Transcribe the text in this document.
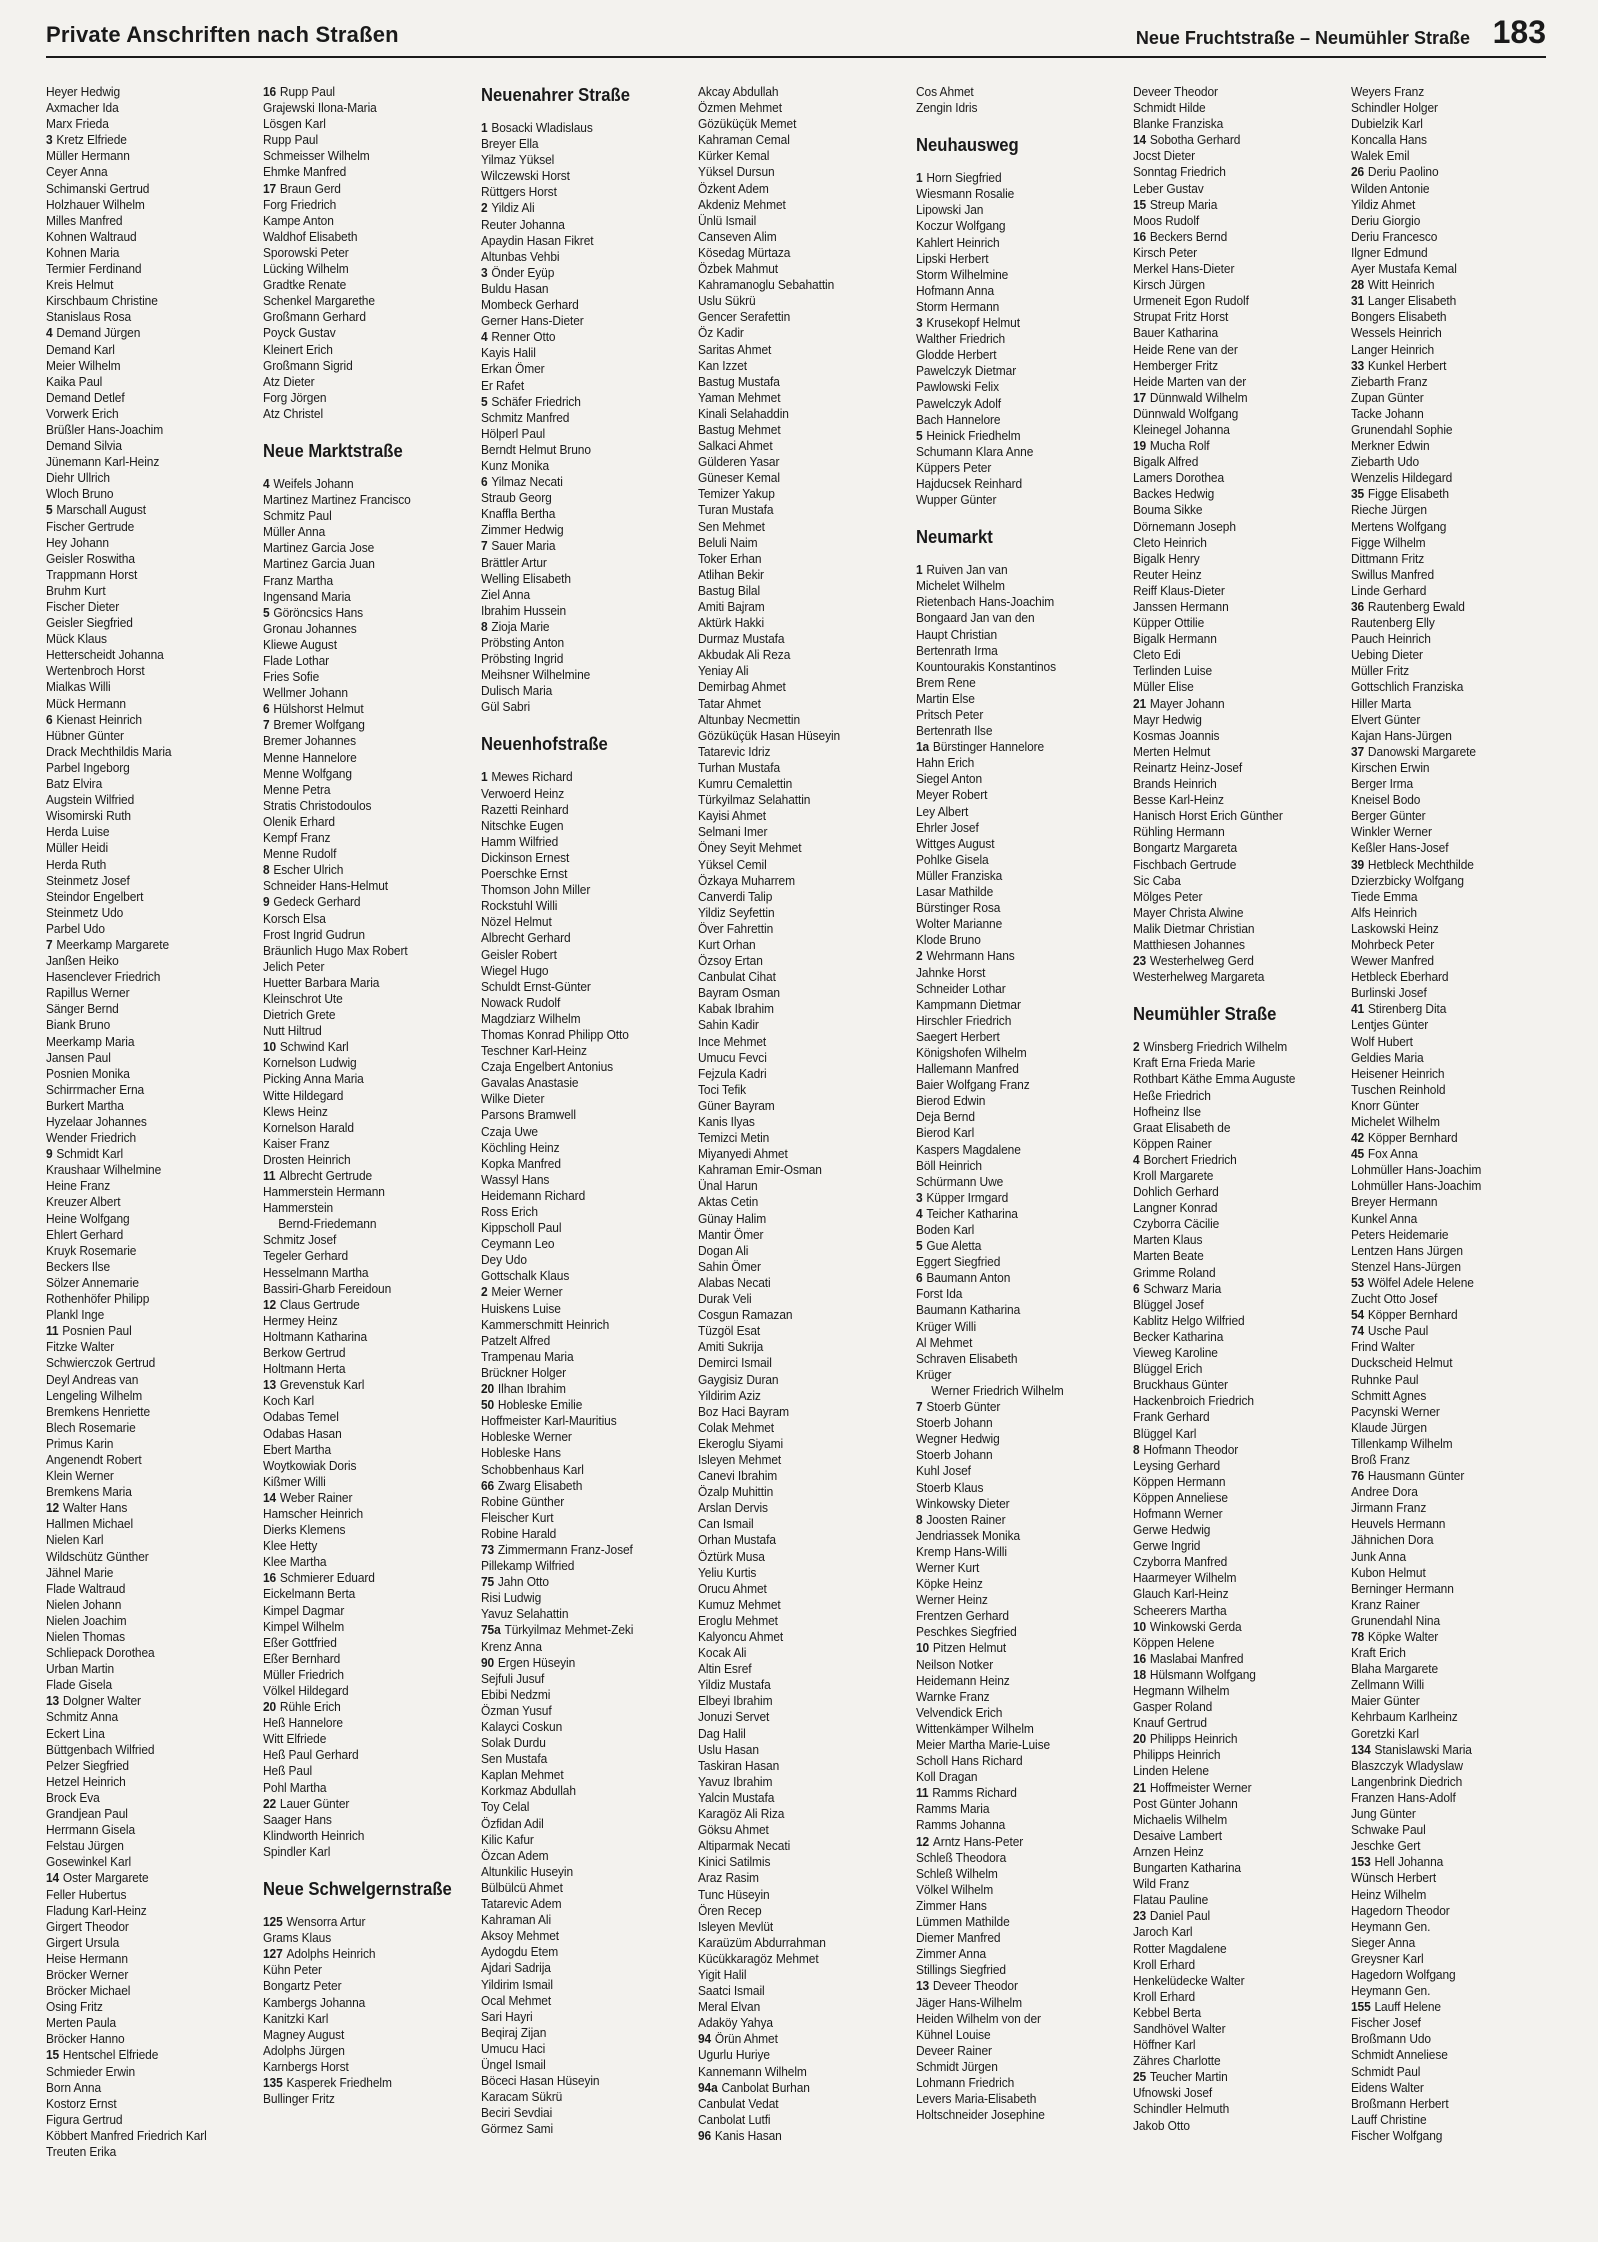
Private Anschriften nach Straßen	Neue Fruchtstraße – Neumühler Straße 183
Heyer Hedwig
Axmacher Ida
Marx Frieda
3 Kretz Elfriede
Müller Hermann
Ceyer Anna
Schimanski Gertrud
Holzhauer Wilhelm
Milles Manfred
Kohnen Waltraud
Kohnen Maria
Termier Ferdinand
Kreis Helmut
Kirschbaum Christine
Stanislaus Rosa
4 Demand Jürgen
Demand Karl
Meier Wilhelm
Kaika Paul
Demand Detlef
Vorwerk Erich
Brüßler Hans-Joachim
Demand Silvia
Jünemann Karl-Heinz
Diehr Ullrich
Wloch Bruno
5 Marschall August
Fischer Gertrude
Hey Johann
Geisler Roswitha
Trappmann Horst
Bruhm Kurt
Fischer Dieter
Geisler Siegfried
Mück Klaus
Hetterscheidt Johanna
Wertenbroch Horst
Mialkas Willi
Mück Hermann
6 Kienast Heinrich
Hübner Günter
Drack Mechthildis Maria
Parbel Ingeborg
Batz Elvira
Augstein Wilfried
Wisomirski Ruth
Herda Luise
Müller Heidi
Herda Ruth
Steinmetz Josef
Steindor Engelbert
Steinmetz Udo
Parbel Udo
7 Meerkamp Margarete
Janßen Heiko
Hasenclever Friedrich
Rapillus Werner
Sänger Bernd
Biank Bruno
Meerkamp Maria
Jansen Paul
Posnien Monika
Schirrmacher Erna
Burkert Martha
Hyzelaar Johannes
Wender Friedrich
9 Schmidt Karl
Kraushaar Wilhelmine
Heine Franz
Kreuzer Albert
Heine Wolfgang
Ehlert Gerhard
Kruyk Rosemarie
Beckers Ilse
Sölzer Annemarie
Rothenhöfer Philipp
Plankl Inge
11 Posnien Paul
Fitzke Walter
Schwierczok Gertrud
Deyl Andreas van
Lengeling Wilhelm
Bremkens Henriette
Blech Rosemarie
Primus Karin
Angenendt Robert
Klein Werner
Bremkens Maria
12 Walter Hans
Hallmen Michael
Nielen Karl
Wildschütz Günther
Jähnel Marie
Flade Waltraud
Nielen Johann
Nielen Joachim
Nielen Thomas
Schliepack Dorothea
Urban Martin
Flade Gisela
13 Dolgner Walter
Schmitz Anna
Eckert Lina
Büttgenbach Wilfried
Pelzer Siegfried
Hetzel Heinrich
Brock Eva
Grandjean Paul
Herrmann Gisela
Felstau Jürgen
Gosewinkel Karl
14 Oster Margarete
Feller Hubertus
Fladung Karl-Heinz
Girgert Theodor
Girgert Ursula
Heise Hermann
Bröcker Werner
Bröcker Michael
Osing Fritz
Merten Paula
Bröcker Hanno
15 Hentschel Elfriede
Schmieder Erwin
Born Anna
Kostorz Ernst
Figura Gertrud
Köbbert Manfred Friedrich Karl
Treuten Erika
16 Rupp Paul
Grajewski Ilona-Maria
Lösgen Karl
Rupp Paul
Schmeisser Wilhelm
Ehmke Manfred
17 Braun Gerd
Forg Friedrich
Kampe Anton
Waldhof Elisabeth
Sporowski Peter
Lücking Wilhelm
Gradtke Renate
Schenkel Margarethe
Großmann Gerhard
Poyck Gustav
Kleinert Erich
Großmann Sigrid
Atz Dieter
Forg Jörgen
Atz Christel
Neue Marktstraße
4 Weifels Johann
Martinez Martinez Francisco
Schmitz Paul
Müller Anna
Martinez Garcia Jose
Martinez Garcia Juan
Franz Martha
Ingensand Maria
5 Göröncsics Hans
Gronau Johannes
Kliewe August
Flade Lothar
Fries Sofie
Wellmer Johann
6 Hülshorst Helmut
7 Bremer Wolfgang
Bremer Johannes
Menne Hannelore
Menne Wolfgang
Menne Petra
Stratis Christodoulos
Olenik Erhard
Kempf Franz
Menne Rudolf
8 Escher Ulrich
Schneider Hans-Helmut
9 Gedeck Gerhard
Korsch Elsa
Frost Ingrid Gudrun
Bräunlich Hugo Max Robert
Jelich Peter
Huetter Barbara Maria
Kleinschrot Ute
Dietrich Grete
Nutt Hiltrud
10 Schwind Karl
Kornelson Ludwig
Picking Anna Maria
Witte Hildegard
Klews Heinz
Kornelson Harald
Kaiser Franz
Drosten Heinrich
11 Albrecht Gertrude
Hammerstein Hermann
Hammerstein
Bernd-Friedemann
Schmitz Josef
Tegeler Gerhard
Hesselmann Martha
Bassiri-Gharb Fereidoun
12 Claus Gertrude
Hermey Heinz
Holtmann Katharina
Berkow Gertrud
Holtmann Herta
13 Grevenstuk Karl
Koch Karl
Odabas Temel
Odabas Hasan
Ebert Martha
Woytkowiak Doris
Kißmer Willi
14 Weber Rainer
Hamscher Heinrich
Dierks Klemens
Klee Hetty
Klee Martha
16 Schmierer Eduard
Eickelmann Berta
Kimpel Dagmar
Kimpel Wilhelm
Eßer Gottfried
Eßer Bernhard
Müller Friedrich
Völkel Hildegard
20 Rühle Erich
Heß Hannelore
Witt Elfriede
Heß Paul Gerhard
Heß Paul
Pohl Martha
22 Lauer Günter
Saager Hans
Klindworth Heinrich
Spindler Karl
Neue Schwelgernstraße
125 Wensorra Artur
Grams Klaus
127 Adolphs Heinrich
Kühn Peter
Bongartz Peter
Kambergs Johanna
Kanitzki Karl
Magney August
Adolphs Jürgen
Karnbergs Horst
135 Kasperek Friedhelm
Bullinger Fritz
Neuenahrer Straße
1 Bosacki Wladislaus
Breyer Ella
Yilmaz Yüksel
Wilczewski Horst
Rüttgers Horst
2 Yildiz Ali
Reuter Johanna
Apaydin Hasan Fikret
Altunbas Vehbi
3 Önder Eyüp
Buldu Hasan
Mombeck Gerhard
Gerner Hans-Dieter
4 Renner Otto
Kayis Halil
Erkan Ömer
Er Rafet
5 Schäfer Friedrich
Schmitz Manfred
Hölperl Paul
Berndt Helmut Bruno
Kunz Monika
6 Yilmaz Necati
Straub Georg
Knaffla Bertha
Zimmer Hedwig
7 Sauer Maria
Brättler Artur
Welling Elisabeth
Ziel Anna
Ibrahim Hussein
8 Zioja Marie
Pröbsting Anton
Pröbsting Ingrid
Meihsner Wilhelmine
Dulisch Maria
Gül Sabri
Neuenhofstraße
1 Mewes Richard
Verwoerd Heinz
Razetti Reinhard
Nitschke Eugen
Hamm Wilfried
Dickinson Ernest
Poerschke Ernst
Thomson John Miller
Rockstuhl Willi
Nözel Helmut
Albrecht Gerhard
Geisler Robert
Wiegel Hugo
Schuldt Ernst-Günter
Nowack Rudolf
Magdziarz Wilhelm
Thomas Konrad Philipp Otto
Teschner Karl-Heinz
Czaja Engelbert Antonius
Gavalas Anastasie
Wilke Dieter
Parsons Bramwell
Czaja Uwe
Köchling Heinz
Kopka Manfred
Wassyl Hans
Heidemann Richard
Ross Erich
Kippscholl Paul
Ceymann Leo
Dey Udo
Gottschalk Klaus
2 Meier Werner
Huiskens Luise
Kammerschmitt Heinrich
Patzelt Alfred
Trampenau Maria
Brückner Holger
20 Ilhan Ibrahim
50 Hobleske Emilie
Hoffmeister Karl-Mauritius
Hobleske Werner
Hobleske Hans
Schobbenhaus Karl
66 Zwarg Elisabeth
Robine Günther
Fleischer Kurt
Robine Harald
73 Zimmermann Franz-Josef
Pillekamp Wilfried
75 Jahn Otto
Risi Ludwig
Yavuz Selahattin
75a Türkyilmaz Mehmet-Zeki
Krenz Anna
90 Ergen Hüseyin
Sejfuli Jusuf
Ebibi Nedzmi
Özman Yusuf
Kalayci Coskun
Solak Durdu
Sen Mustafa
Kaplan Mehmet
Korkmaz Abdullah
Toy Celal
Özfidan Adil
Kilic Kafur
Özcan Adem
Altunkilic Huseyin
Bülbülcü Ahmet
Tatarevic Adem
Kahraman Ali
Aksoy Mehmet
Aydogdu Etem
Ajdari Sadrija
Yildirim Ismail
Ocal Mehmet
Sari Hayri
Beqiraj Zijan
Umucu Haci
Üngel Ismail
Böceci Hasan Hüseyin
Karacam Sükrü
Beciri Sevdiai
Görmez Sami
Akcay Abdullah
Özmen Mehmet
Gözüküçük Memet
Kahraman Cemal
Kürker Kemal
Yüksel Dursun
Özkent Adem
Akdeniz Mehmet
Ünlü Ismail
Canseven Alim
Kösedag Mürtaza
Özbek Mahmut
Kahramanoglu Sebahattin
Uslu Sükrü
Gencer Serafettin
Öz Kadir
Saritas Ahmet
Kan Izzet
Bastug Mustafa
Yaman Mehmet
Kinali Selahaddin
Bastug Mehmet
Salkaci Ahmet
Gülderen Yasar
Güneser Kemal
Temizer Yakup
Turan Mustafa
Sen Mehmet
Beluli Naim
Toker Erhan
Atlihan Bekir
Bastug Bilal
Amiti Bajram
Aktürk Hakki
Durmaz Mustafa
Akbudak Ali Reza
Yeniay Ali
Demirbag Ahmet
Tatar Ahmet
Altunbay Necmettin
Gözüküçük Hasan Hüseyin
Tatarevic Idriz
Turhan Mustafa
Kumru Cemalettin
Türkyilmaz Selahattin
Kayisi Ahmet
Selmani Imer
Öney Seyit Mehmet
Yüksel Cemil
Özkaya Muharrem
Canverdi Talip
Yildiz Seyfettin
Över Fahrettin
Kurt Orhan
Özsoy Ertan
Canbulat Cihat
Bayram Osman
Kabak Ibrahim
Sahin Kadir
Ince Mehmet
Umucu Fevci
Fejzula Kadri
Toci Tefik
Güner Bayram
Kanis Ilyas
Temizci Metin
Miyanyedi Ahmet
Kahraman Emir-Osman
Ünal Harun
Aktas Cetin
Günay Halim
Mantir Ömer
Dogan Ali
Sahin Ömer
Alabas Necati
Durak Veli
Cosgun Ramazan
Tüzgöl Esat
Amiti Sukrija
Demirci Ismail
Gaygisiz Duran
Yildirim Aziz
Boz Haci Bayram
Colak Mehmet
Ekeroglu Siyami
Isleyen Mehmet
Canevi Ibrahim
Özalp Muhittin
Arslan Dervis
Can Ismail
Orhan Mustafa
Öztürk Musa
Yeliu Kurtis
Orucu Ahmet
Kumuz Mehmet
Eroglu Mehmet
Kalyoncu Ahmet
Kocak Ali
Altin Esref
Yildiz Mustafa
Elbeyi Ibrahim
Jonuzi Servet
Dag Halil
Uslu Hasan
Taskiran Hasan
Yavuz Ibrahim
Yalcin Mustafa
Karagöz Ali Riza
Göksu Ahmet
Altiparmak Necati
Kinici Satilmis
Araz Rasim
Tunc Hüseyin
Ören Recep
Isleyen Mevlüt
Karaüzüm Abdurrahman
Kücükkaragöz Mehmet
Yigit Halil
Saatci Ismail
Meral Elvan
Adaköy Yahya
94 Örün Ahmet
Ugurlu Huriye
Kannemann Wilhelm
94a Canbolat Burhan
Canbulat Vedat
Canbolat Lutfi
96 Kanis Hasan
Cos Ahmet
Zengin Idris
Neuhausweg
1 Horn Siegfried
Wiesmann Rosalie
Lipowski Jan
Koczur Wolfgang
Kahlert Heinrich
Lipski Herbert
Storm Wilhelmine
Hofmann Anna
Storm Hermann
3 Krusekopf Helmut
Walther Friedrich
Glodde Herbert
Pawelczyk Dietmar
Pawlowski Felix
Pawelczyk Adolf
Bach Hannelore
5 Heinick Friedhelm
Schumann Klara Anne
Küppers Peter
Hajducsek Reinhard
Wupper Günter
Neumarkt
1 Ruiven Jan van
Michelet Wilhelm
Rietenbach Hans-Joachim
Bongaard Jan van den
Haupt Christian
Bertenrath Irma
Kountourakis Konstantinos
Brem Rene
Martin Else
Pritsch Peter
Bertenrath Ilse
1a Bürstinger Hannelore
Hahn Erich
Siegel Anton
Meyer Robert
Ley Albert
Ehrler Josef
Wittges August
Pohlke Gisela
Müller Franziska
Lasar Mathilde
Bürstinger Rosa
Wolter Marianne
Klode Bruno
2 Wehrmann Hans
Jahnke Horst
Schneider Lothar
Kampmann Dietmar
Hirschler Friedrich
Saegert Herbert
Königshofen Wilhelm
Hallemann Manfred
Baier Wolfgang Franz
Bierod Edwin
Deja Bernd
Bierod Karl
Kaspers Magdalene
Böll Heinrich
Schürmann Uwe
3 Küpper Irmgard
4 Teicher Katharina
Boden Karl
5 Gue Aletta
Eggert Siegfried
6 Baumann Anton
Forst Ida
Baumann Katharina
Krüger Willi
Al Mehmet
Schraven Elisabeth
Krüger
Werner Friedrich Wilhelm
7 Stoerb Günter
Stoerb Johann
Wegner Hedwig
Stoerb Johann
Kuhl Josef
Stoerb Klaus
Winkowsky Dieter
8 Joosten Rainer
Jendriassek Monika
Kremp Hans-Willi
Werner Kurt
Köpke Heinz
Werner Heinz
Frentzen Gerhard
Peschkes Siegfried
10 Pitzen Helmut
Neilson Notker
Heidemann Heinz
Warnke Franz
Velvendick Erich
Wittenkämper Wilhelm
Meier Martha Marie-Luise
Scholl Hans Richard
Koll Dragan
11 Ramms Richard
Ramms Maria
Ramms Johanna
12 Arntz Hans-Peter
Schleß Theodora
Schleß Wilhelm
Völkel Wilhelm
Zimmer Hans
Lümmen Mathilde
Diemer Manfred
Zimmer Anna
Stillings Siegfried
13 Deveer Theodor
Jäger Hans-Wilhelm
Heiden Wilhelm von der
Kühnel Louise
Deveer Rainer
Schmidt Jürgen
Lohmann Friedrich
Levers Maria-Elisabeth
Holtschneider Josephine
Deveer Theodor
Schmidt Hilde
Blanke Franziska
14 Sobotha Gerhard
Jocst Dieter
Sonntag Friedrich
Leber Gustav
15 Streup Maria
Moos Rudolf
16 Beckers Bernd
Kirsch Peter
Merkel Hans-Dieter
Kirsch Jürgen
Urmeneit Egon Rudolf
Strupat Fritz Horst
Bauer Katharina
Heide Rene van der
Hemberger Fritz
Heide Marten van der
17 Dünnwald Wilhelm
Dünnwald Wolfgang
Kleinegel Johanna
19 Mucha Rolf
Bigalk Alfred
Lamers Dorothea
Backes Hedwig
Bouma Sikke
Dörnemann Joseph
Cleto Heinrich
Bigalk Henry
Reuter Heinz
Reiff Klaus-Dieter
Janssen Hermann
Küpper Ottilie
Bigalk Hermann
Cleto Edi
Terlinden Luise
Müller Elise
21 Mayer Johann
Mayr Hedwig
Kosmas Joannis
Merten Helmut
Reinartz Heinz-Josef
Brands Heinrich
Besse Karl-Heinz
Hanisch Horst Erich Günther
Rühling Hermann
Bongartz Margareta
Fischbach Gertrude
Sic Caba
Mölges Peter
Mayer Christa Alwine
Malik Dietmar Christian
Matthiesen Johannes
23 Westerhelweg Gerd
Westerhelweg Margareta
Neumühler Straße
2 Winsberg Friedrich Wilhelm
Kraft Erna Frieda Marie
Rothbart Käthe Emma Auguste
Heße Friedrich
Hofheinz Ilse
Graat Elisabeth de
Köppen Rainer
4 Borchert Friedrich
Kroll Margarete
Dohlich Gerhard
Langner Konrad
Czyborra Cäcilie
Marten Klaus
Marten Beate
Grimme Roland
6 Schwarz Maria
Blüggel Josef
Kablitz Helgo Wilfried
Becker Katharina
Vieweg Karoline
Blüggel Erich
Bruckhaus Günter
Hackenbroich Friedrich
Frank Gerhard
Blüggel Karl
8 Hofmann Theodor
Leysing Gerhard
Köppen Hermann
Köppen Anneliese
Hofmann Werner
Gerwe Hedwig
Gerwe Ingrid
Czyborra Manfred
Haarmeyer Wilhelm
Glauch Karl-Heinz
Scheerers Martha
10 Winkowski Gerda
Köppen Helene
16 Maslabai Manfred
18 Hülsmann Wolfgang
Hegmann Wilhelm
Gasper Roland
Knauf Gertrud
20 Philipps Heinrich
Philipps Heinrich
Linden Helene
21 Hoffmeister Werner
Post Günter Johann
Michaelis Wilhelm
Desaive Lambert
Arnzen Heinz
Bungarten Katharina
Wild Franz
Flatau Pauline
23 Daniel Paul
Jaroch Karl
Rotter Magdalene
Kroll Erhard
Henkelüdecke Walter
Kroll Erhard
Kebbel Berta
Sandhövel Walter
Höffner Karl
Zähres Charlotte
25 Teucher Martin
Ufnowski Josef
Schindler Helmuth
Jakob Otto
Weyers Franz
Schindler Holger
Dubielzik Karl
Koncalla Hans
Walek Emil
26 Deriu Paolino
Wilden Antonie
Yildiz Ahmet
Deriu Giorgio
Deriu Francesco
Ilgner Edmund
Ayer Mustafa Kemal
28 Witt Heinrich
31 Langer Elisabeth
Bongers Elisabeth
Wessels Heinrich
Langer Heinrich
33 Kunkel Herbert
Ziebarth Franz
Zupan Günter
Tacke Johann
Grunendahl Sophie
Merkner Edwin
Ziebarth Udo
Wenzelis Hildegard
35 Figge Elisabeth
Rieche Jürgen
Mertens Wolfgang
Figge Wilhelm
Dittmann Fritz
Swillus Manfred
Linde Gerhard
36 Rautenberg Ewald
Rautenberg Elly
Pauch Heinrich
Uebing Dieter
Müller Fritz
Gottschlich Franziska
Hiller Marta
Elvert Günter
Kajan Hans-Jürgen
37 Danowski Margarete
Kirschen Erwin
Berger Irma
Kneisel Bodo
Berger Günter
Winkler Werner
Keßler Hans-Josef
39 Hetbleck Mechthilde
Dzierzbicky Wolfgang
Tiede Emma
Alfs Heinrich
Laskowski Heinz
Mohrbeck Peter
Wewer Manfred
Hetbleck Eberhard
Burlinski Josef
41 Stirenberg Dita
Lentjes Günter
Wolf Hubert
Geldies Maria
Heisener Heinrich
Tuschen Reinhold
Knorr Günter
Michelet Wilhelm
42 Köpper Bernhard
45 Fox Anna
Lohmüller Hans-Joachim
Lohmüller Hans-Joachim
Breyer Hermann
Kunkel Anna
Peters Heidemarie
Lentzen Hans Jürgen
Stenzel Hans-Jürgen
53 Wölfel Adele Helene
Zucht Otto Josef
54 Köpper Bernhard
74 Usche Paul
Frind Walter
Duckscheid Helmut
Ruhnke Paul
Schmitt Agnes
Pacynski Werner
Klaude Jürgen
Tillenkamp Wilhelm
Broß Franz
76 Hausmann Günter
Andree Dora
Jirmann Franz
Heuvels Hermann
Jähnichen Dora
Junk Anna
Kubon Helmut
Berninger Hermann
Kranz Rainer
Grunendahl Nina
78 Köpke Walter
Kraft Erich
Blaha Margarete
Zellmann Willi
Maier Günter
Kehrbaum Karlheinz
Goretzki Karl
134 Stanislawski Maria
Blaszczyk Wladyslaw
Langenbrink Diedrich
Franzen Hans-Adolf
Jung Günter
Schwake Paul
Jeschke Gert
153 Hell Johanna
Wünsch Herbert
Heinz Wilhelm
Hagedorn Theodor
Heymann Gen.
Sieger Anna
Greysner Karl
Hagedorn Wolfgang
Heymann Gen.
155 Lauff Helene
Fischer Josef
Broßmann Udo
Schmidt Anneliese
Schmidt Paul
Eidens Walter
Broßmann Herbert
Lauff Christine
Fischer Wolfgang
